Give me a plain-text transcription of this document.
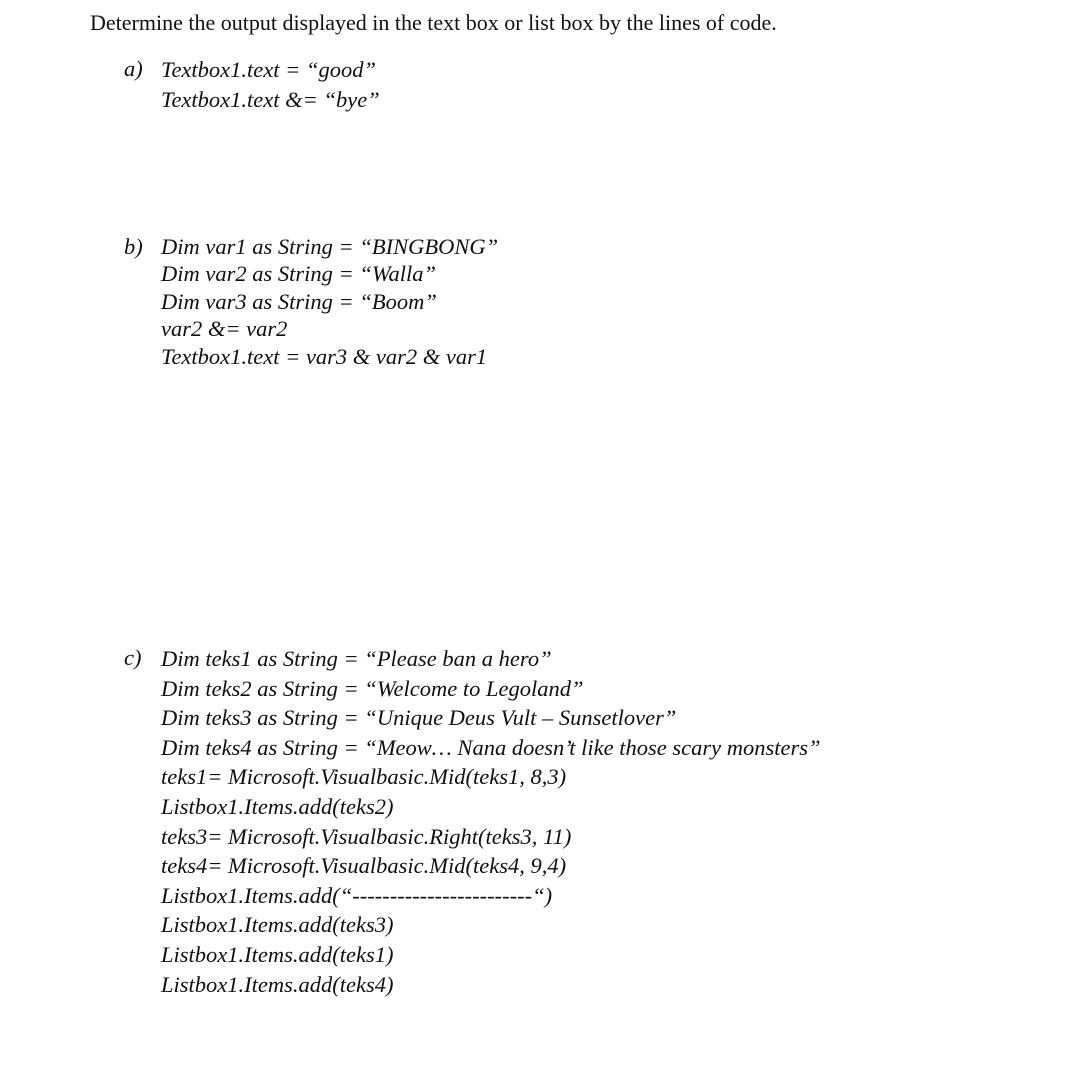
Determine the output displayed in the text box or list box by the lines of code.
a) Textbox1.text = “good”
Textbox1.text &= “bye”
b) Dim var1 as String = “BINGBONG”
Dim var2 as String = “Walla”
Dim var3 as String = “Boom”
var2 &= var2
Textbox1.text = var3 & var2 & var1
c) Dim teks1 as String = “Please ban a hero”
Dim teks2 as String = “Welcome to Legoland”
Dim teks3 as String = “Unique Deus Vult – Sunsetlover”
Dim teks4 as String = “Meow… Nana doesn’t like those scary monsters”
teks1= Microsoft.Visualbasic.Mid(teks1, 8,3)
Listbox1.Items.add(teks2)
teks3= Microsoft.Visualbasic.Right(teks3, 11)
teks4= Microsoft.Visualbasic.Mid(teks4, 9,4)
Listbox1.Items.add(“------------------------“)
Listbox1.Items.add(teks3)
Listbox1.Items.add(teks1)
Listbox1.Items.add(teks4)
